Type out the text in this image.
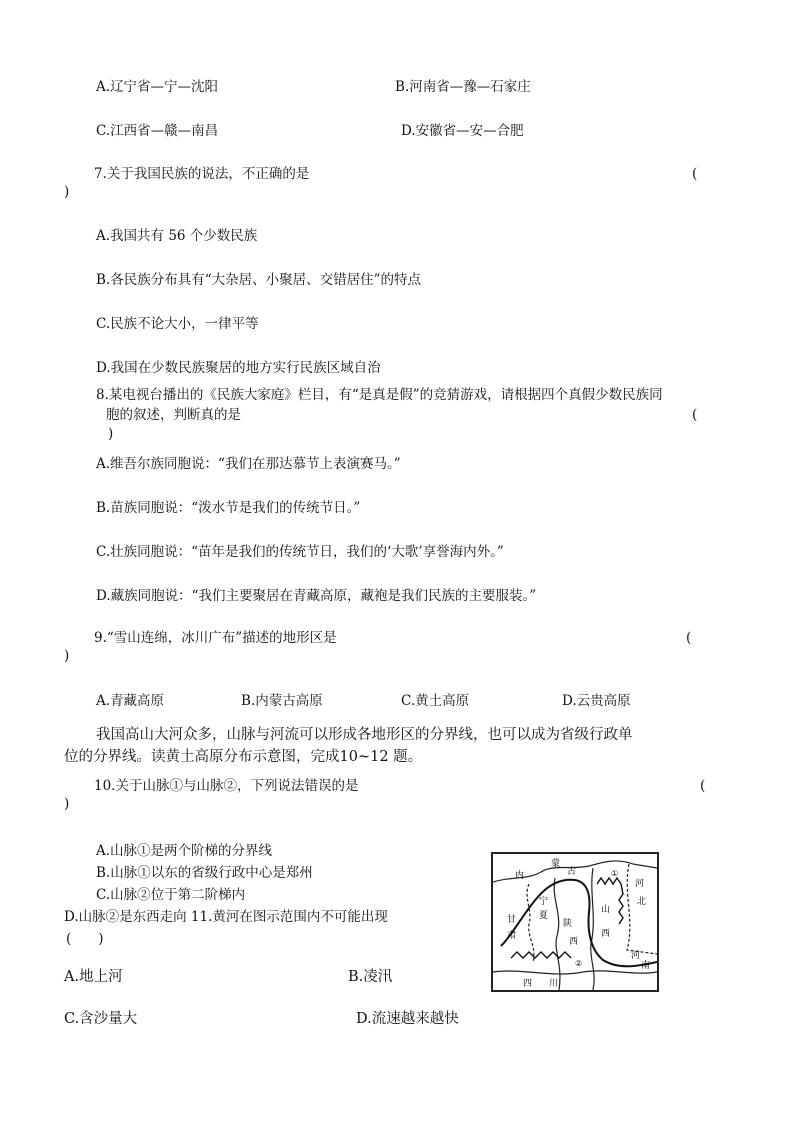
A.辽宁省—宁—沈阳	B.河南省—豫—石家庄
C.江西省—赣—南昌	D.安徽省—安—合肥
7.关于我国民族的说法，不正确的是	(
)
A.我国共有 56 个少数民族
B.各民族分布具有“大杂居、小聚居、交错居住”的特点
C.民族不论大小，一律平等
D.我国在少数民族聚居的地方实行民族区域自治
8.某电视台播出的《民族大家庭》栏目，有“是真是假”的竞猜游戏，请根据四个真假少数民族同
胞的叙述，判断真的是	(
)
A.维吾尔族同胞说：“我们在那达慕节上表演赛马。”
B.苗族同胞说：“泼水节是我们的传统节日。”
C.壮族同胞说：“苗年是我们的传统节日，我们的‘大歌’享誉海内外。”
D.藏族同胞说：“我们主要聚居在青藏高原，藏袍是我们民族的主要服装。”
9.“雪山连绵，冰川广布”描述的地形区是	(
)
A.青藏高原	B.内蒙古高原	C.黄土高原	D.云贵高原
我国高山大河众多，山脉与河流可以形成各地形区的分界线，也可以成为省级行政单
位的分界线。读黄土高原分布示意图，完成10~12 题。
10.关于山脉①与山脉②，下列说法错误的是	(
)
A.山脉①是两个阶梯的分界线
B.山脉①以东的省级行政中心是郑州
C.山脉②位于第二阶梯内
D.山脉②是东西走向 11.黄河在图示范围内不可能出现
(　　)
A.地上河	B.凌汛
C.含沙量大	D.流速越来越快
内
蒙
古
宁
夏
山
西
河
北
甘
肃
陕
西
河
南
四 川
①
②
